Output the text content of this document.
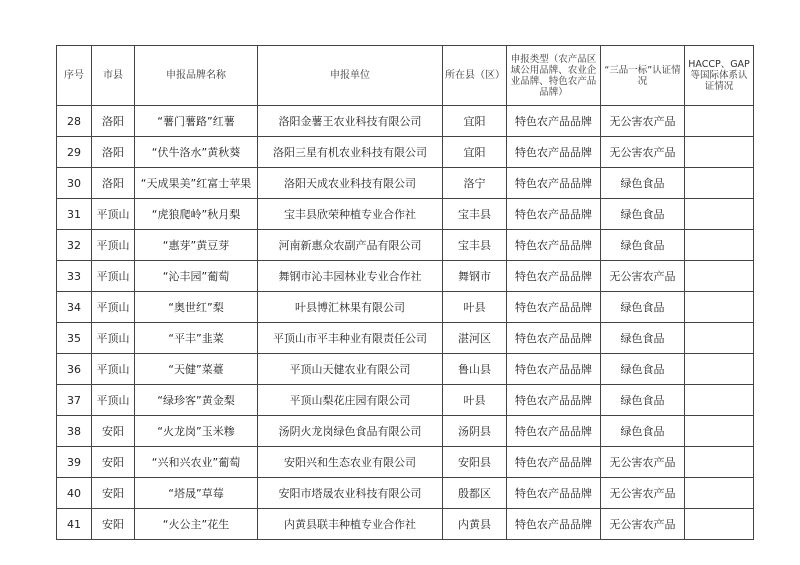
序号	市县	申报品牌名称	申报单位	所在县（区）	申报类型（农产品区域公用品牌、农业企业品牌、特色农产品品牌）	“三品一标”认证情况	HACCP、GAP等国际体系认证情况
28	洛阳	“薯门薯路”红薯	洛阳金薯王农业科技有限公司	宜阳	特色农产品品牌	无公害农产品	
29	洛阳	“伏牛洛水”黄秋葵	洛阳三星有机农业科技有限公司	宜阳	特色农产品品牌	无公害农产品	
30	洛阳	“天成果美”红富士苹果	洛阳天成农业科技有限公司	洛宁	特色农产品品牌	绿色食品	
31	平顶山	“虎狼爬岭”秋月梨	宝丰县欣荣种植专业合作社	宝丰县	特色农产品品牌	绿色食品	
32	平顶山	“惠芽”黄豆芽	河南新惠众农副产品有限公司	宝丰县	特色农产品品牌	绿色食品	
33	平顶山	“沁丰园”葡萄	舞钢市沁丰园林业专业合作社	舞钢市	特色农产品品牌	无公害农产品	
34	平顶山	“奥世红”梨	叶县博汇林果有限公司	叶县	特色农产品品牌	绿色食品	
35	平顶山	“平丰”韭菜	平顶山市平丰种业有限责任公司	湛河区	特色农产品品牌	绿色食品	
36	平顶山	“天健”菜薹	平顶山天健农业有限公司	鲁山县	特色农产品品牌	绿色食品	
37	平顶山	“绿珍客”黄金梨	平顶山梨花庄园有限公司	叶县	特色农产品品牌	绿色食品	
38	安阳	“火龙岗”玉米糁	汤阴火龙岗绿色食品有限公司	汤阴县	特色农产品品牌	绿色食品	
39	安阳	“兴和兴农业”葡萄	安阳兴和生态农业有限公司	安阳县	特色农产品品牌	无公害农产品	
40	安阳	“塔晟”草莓	安阳市塔晟农业科技有限公司	殷都区	特色农产品品牌	无公害农产品	
41	安阳	“火公主”花生	内黄县联丰种植专业合作社	内黄县	特色农产品品牌	无公害农产品	
